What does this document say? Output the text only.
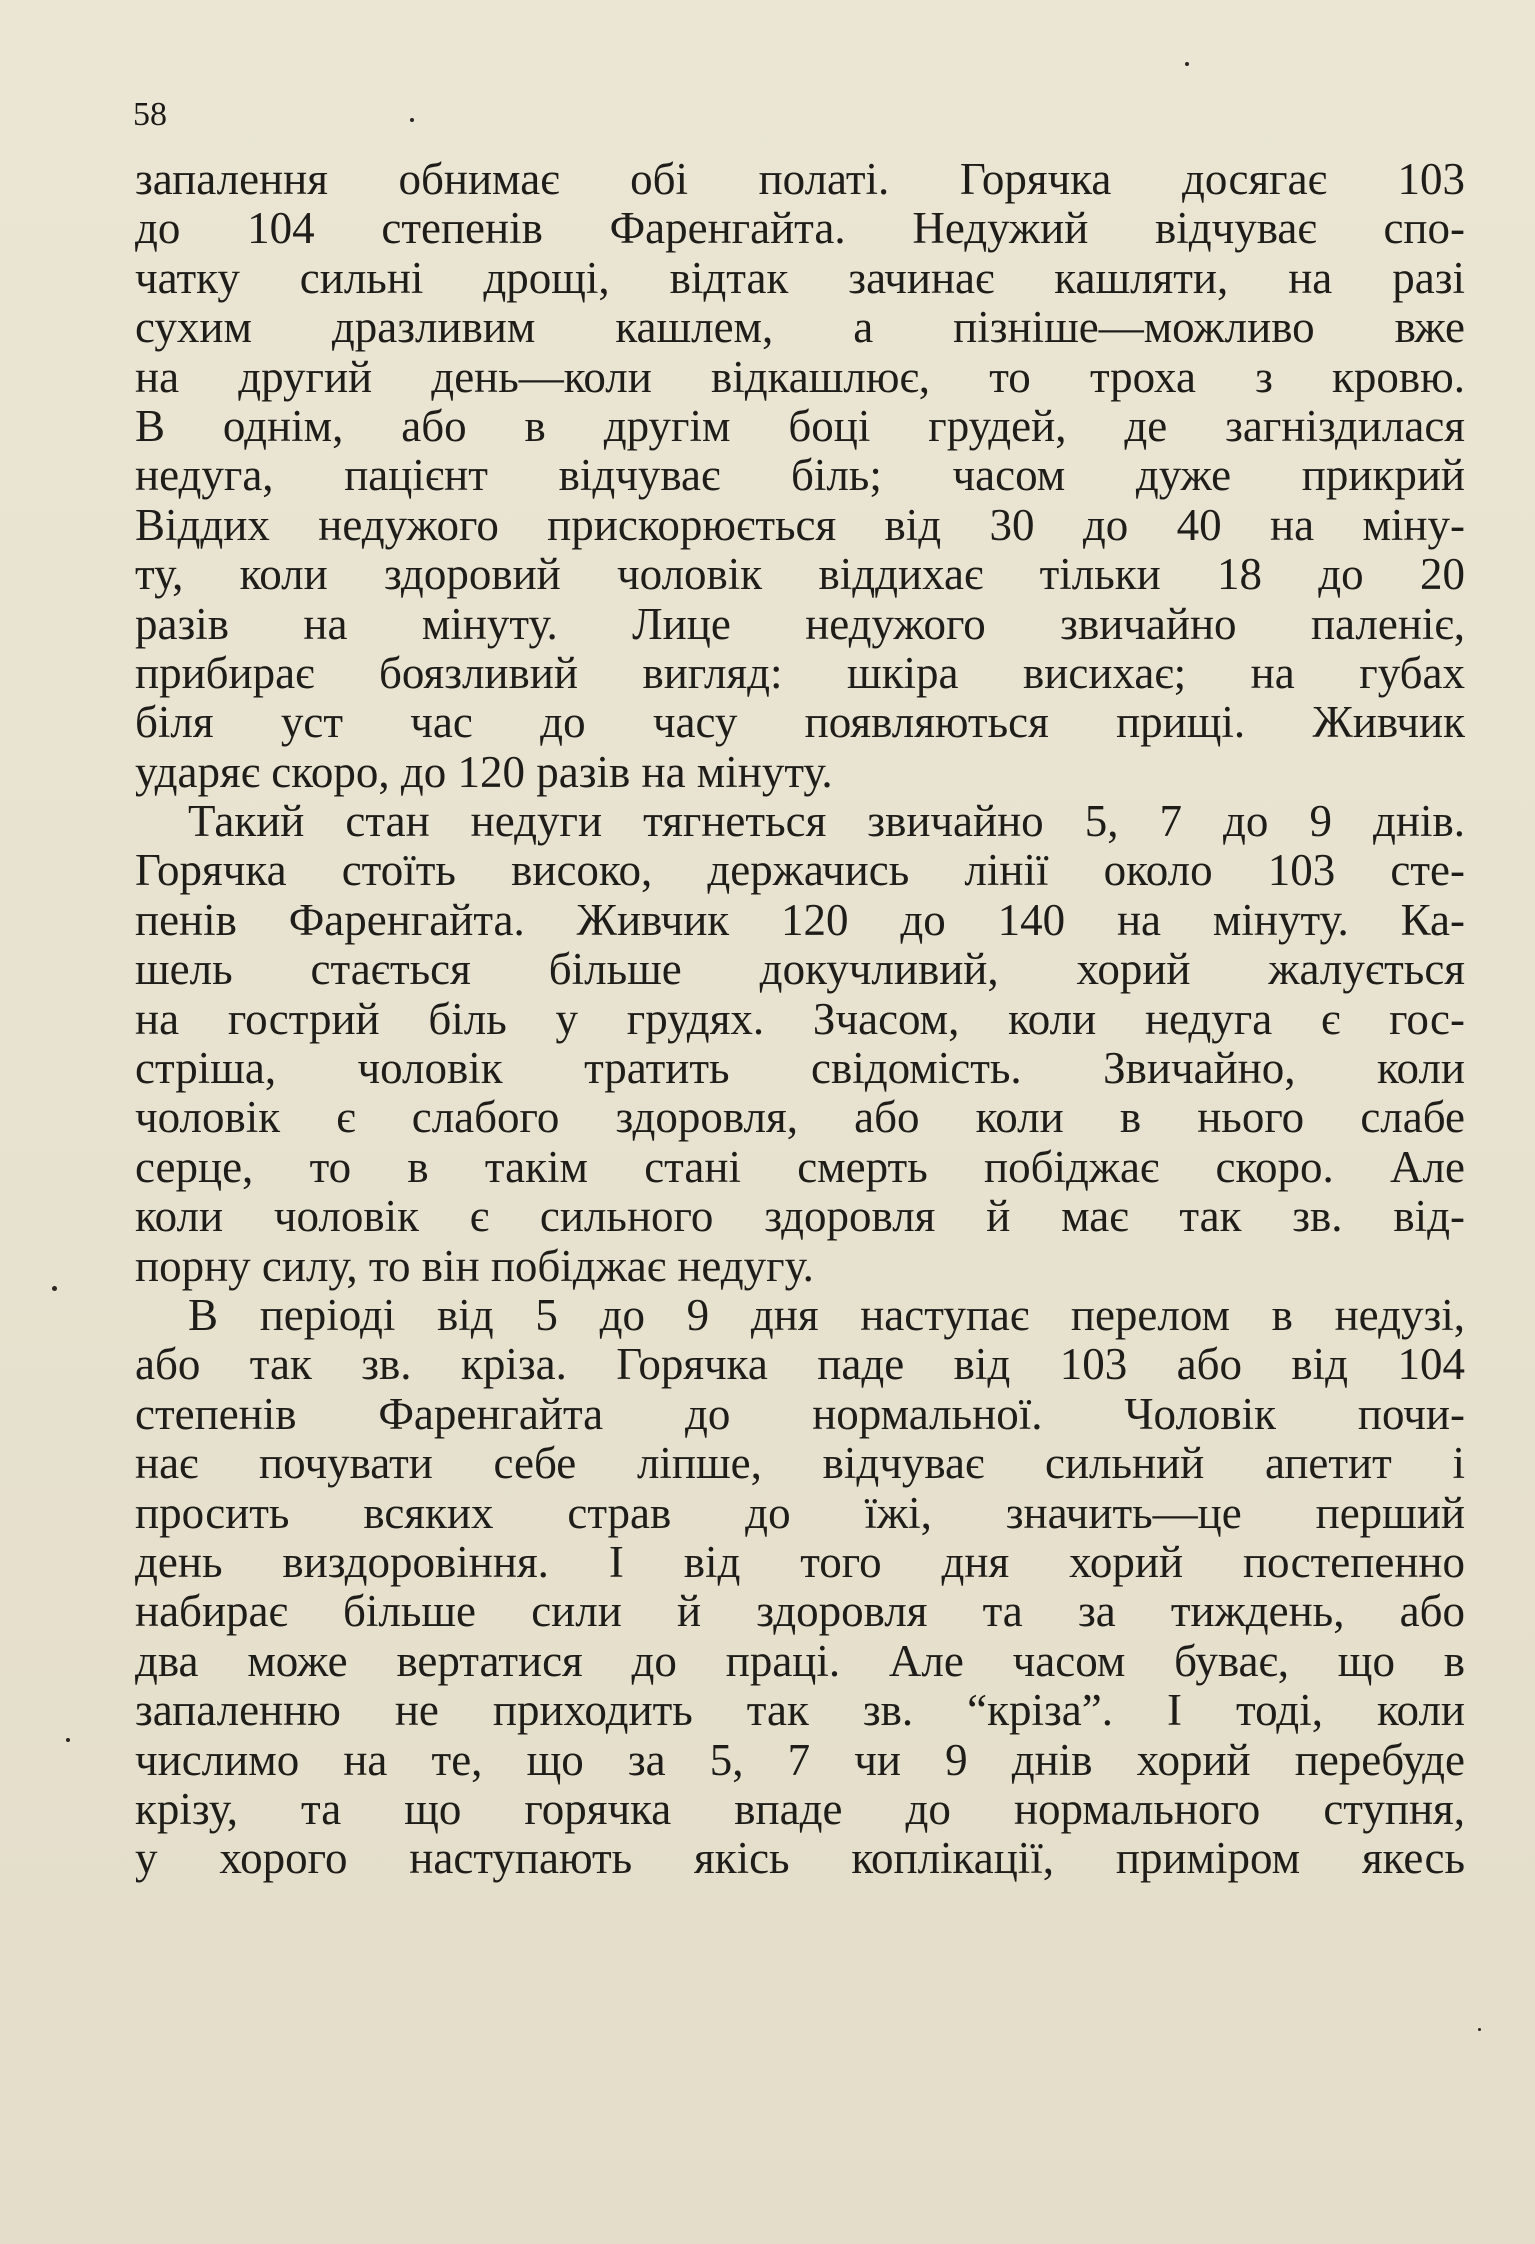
58
запалення обнимає обі полаті. Горячка досягає 103
до 104 степенів Фаренгайта. Недужий відчуває спо-
чатку сильні дрощі, відтак зачинає кашляти, на разі
сухим дразливим кашлем, а пізніше—можливо вже
на другий день—коли відкашлює, то троха з кровю.
В однім, або в другім боці грудей, де загніздилася
недуга, пацієнт відчуває біль; часом дуже прикрий
Віддих недужого прискорюється від 30 до 40 на міну-
ту, коли здоровий чоловік віддихає тільки 18 до 20
разів на мінуту. Лице недужого звичайно паленіє,
прибирає боязливий вигляд: шкіра висихає; на губах
біля уст час до часу появляються прищі. Живчик
ударяє скоро, до 120 разів на мінуту.
Такий стан недуги тягнеться звичайно 5, 7 до 9 днів.
Горячка стоїть високо, держачись лінії около 103 сте-
пенів Фаренгайта. Живчик 120 до 140 на мінуту. Ка-
шель стається більше докучливий, хорий жалується
на гострий біль у грудях. Зчасом, коли недуга є гос-
стріша, чоловік тратить свідомість. Звичайно, коли
чоловік є слабого здоровля, або коли в нього слабе
серце, то в такім стані смерть побіджає скоро. Але
коли чоловік є сильного здоровля й має так зв. від-
порну силу, то він побіджає недугу.
В періоді від 5 до 9 дня наступає перелом в недузі,
або так зв. кріза. Горячка паде від 103 або від 104
степенів Фаренгайта до нормальної. Чоловік почи-
нає почувати себе ліпше, відчуває сильний апетит і
просить всяких страв до їжі, значить—це перший
день виздоровіння. І від того дня хорий постепенно
набирає більше сили й здоровля та за тиждень, або
два може вертатися до праці. Але часом буває, що в
запаленню не приходить так зв. “кріза”. І тоді, коли
числимо на те, що за 5, 7 чи 9 днів хорий перебуде
крізу, та що горячка впаде до нормального ступня,
у хорого наступають якісь коплікації, приміром якесь
